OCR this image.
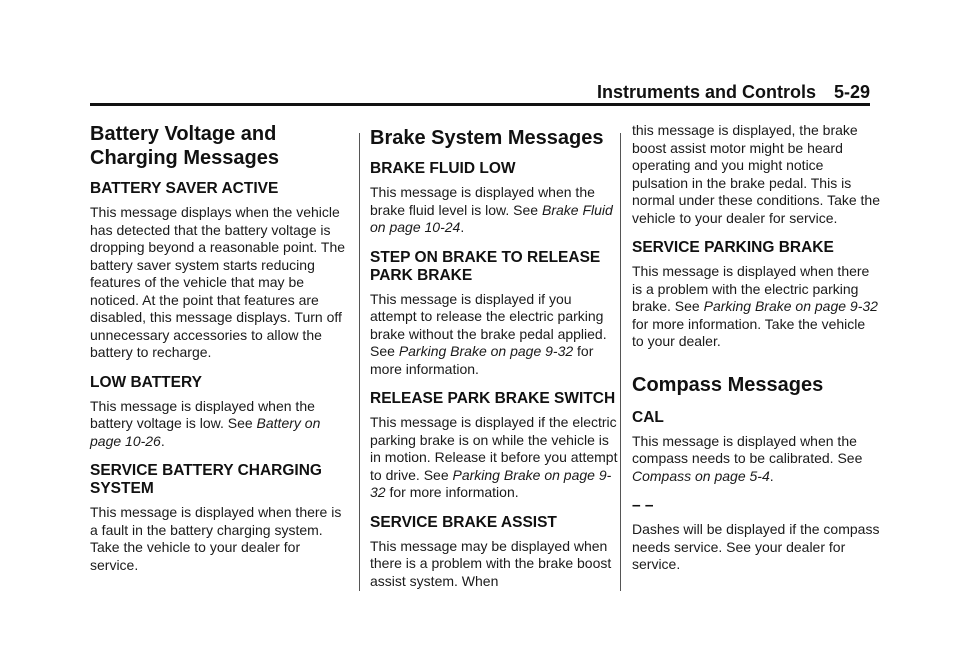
Instruments and Controls 5-29
Battery Voltage and Charging Messages
BATTERY SAVER ACTIVE

This message displays when the vehicle has detected that the battery voltage is dropping beyond a reasonable point. The battery saver system starts reducing features of the vehicle that may be noticed. At the point that features are disabled, this message displays. Turn off unnecessary accessories to allow the battery to recharge.

LOW BATTERY

This message is displayed when the battery voltage is low. See Battery on page 10-26.

SERVICE BATTERY CHARGING SYSTEM

This message is displayed when there is a fault in the battery charging system. Take the vehicle to your dealer for service.

Brake System Messages
BRAKE FLUID LOW

This message is displayed when the brake fluid level is low. See Brake Fluid on page 10-24.

STEP ON BRAKE TO RELEASE PARK BRAKE

This message is displayed if you attempt to release the electric parking brake without the brake pedal applied. See Parking Brake on page 9-32 for more information.

RELEASE PARK BRAKE SWITCH

This message is displayed if the electric parking brake is on while the vehicle is in motion. Release it before you attempt to drive. See Parking Brake on page 9-32 for more information.

SERVICE BRAKE ASSIST

This message may be displayed when there is a problem with the brake boost assist system. When

this message is displayed, the brake boost assist motor might be heard operating and you might notice pulsation in the brake pedal. This is normal under these conditions. Take the vehicle to your dealer for service.

SERVICE PARKING BRAKE

This message is displayed when there is a problem with the electric parking brake. See Parking Brake on page 9-32 for more information. Take the vehicle to your dealer.

Compass Messages
CAL

This message is displayed when the compass needs to be calibrated. See Compass on page 5-4.

– –

Dashes will be displayed if the compass needs service. See your dealer for service.
